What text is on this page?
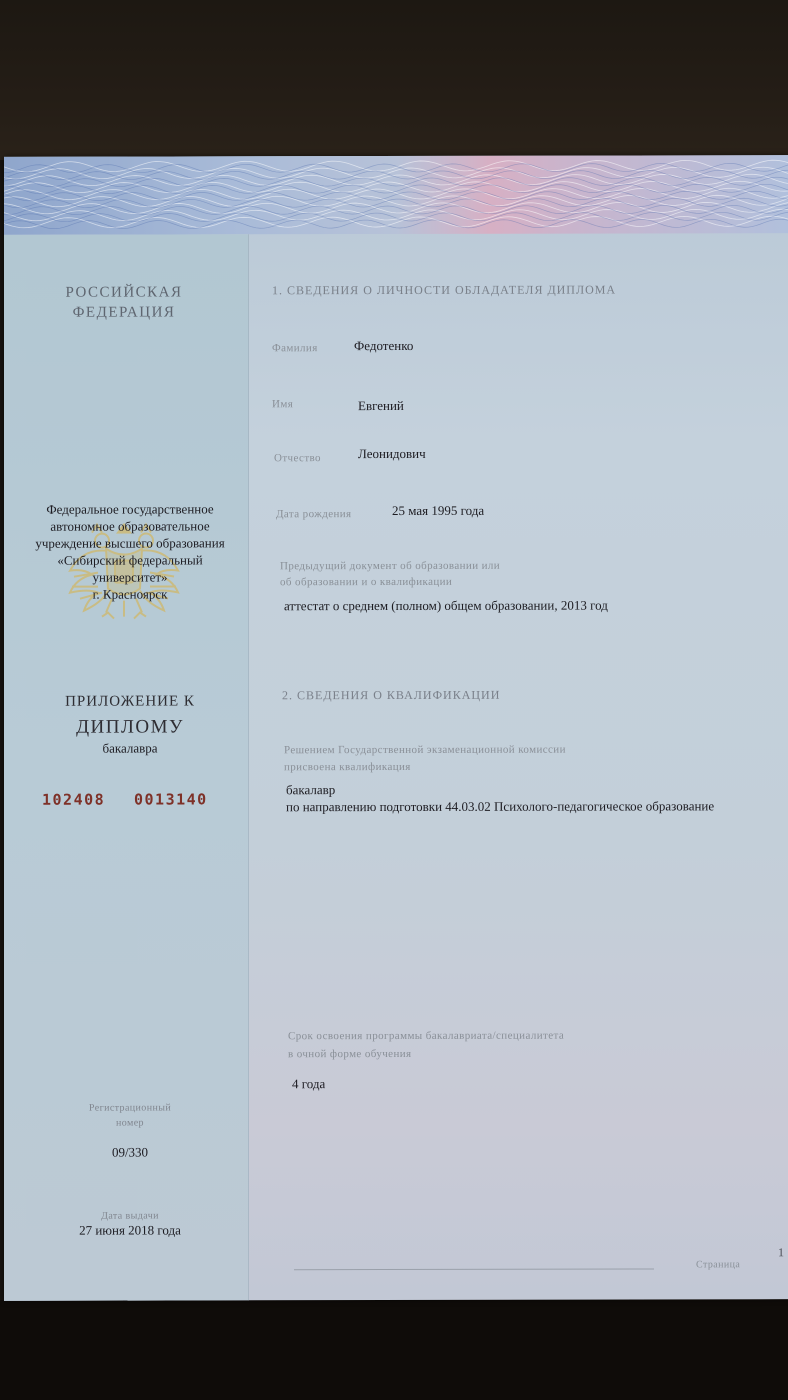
РОССИЙСКАЯ
ФЕДЕРАЦИЯ
Федеральное государственное
автономное образовательное
учреждение высшего образования
«Сибирский федеральный
университет»
г. Красноярск
ПРИЛОЖЕНИЕ К
ДИПЛОМУ
бакалавра
102408 0013140
Регистрационный
номер
09/330
Дата выдачи
27 июня 2018 года
1. СВЕДЕНИЯ О ЛИЧНОСТИ ОБЛАДАТЕЛЯ ДИПЛОМА
Фамилия	Федотенко
Имя	Евгений
Отчество	Леонидович
Дата рождения	25 мая 1995 года
Предыдущий документ об образовании или
об образовании и о квалификации
аттестат о среднем (полном) общем образовании, 2013 год
2. СВЕДЕНИЯ О КВАЛИФИКАЦИИ
Решением Государственной экзаменационной комиссии
присвоена квалификация
бакалавр
по направлению подготовки 44.03.02 Психолого-педагогическое образование
Срок освоения программы бакалавриата/специалитета
в очной форме обучения
4 года
Страница
1
